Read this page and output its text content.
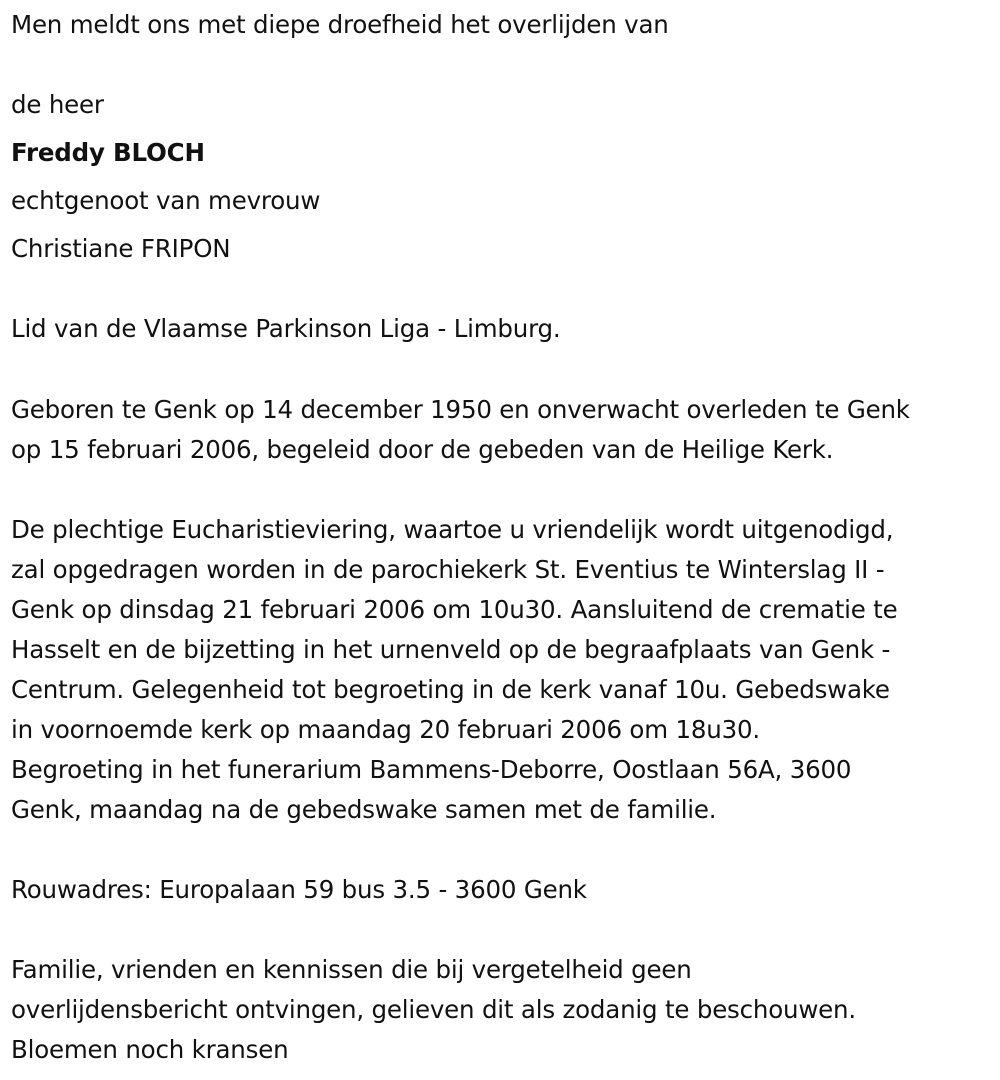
Men meldt ons met diepe droefheid het overlijden van
de heer
Freddy BLOCH
echtgenoot van mevrouw
Christiane FRIPON
Lid van de Vlaamse Parkinson Liga - Limburg.
Geboren te Genk op 14 december 1950 en onverwacht overleden te Genk
op 15 februari 2006, begeleid door de gebeden van de Heilige Kerk.
De plechtige Eucharistieviering, waartoe u vriendelijk wordt uitgenodigd,
zal opgedragen worden in de parochiekerk St. Eventius te Winterslag II -
Genk op dinsdag 21 februari 2006 om 10u30. Aansluitend de crematie te
Hasselt en de bijzetting in het urnenveld op de begraafplaats van Genk -
Centrum. Gelegenheid tot begroeting in de kerk vanaf 10u. Gebedswake
in voornoemde kerk op maandag 20 februari 2006 om 18u30.
Begroeting in het funerarium Bammens-Deborre, Oostlaan 56A, 3600
Genk, maandag na de gebedswake samen met de familie.
Rouwadres: Europalaan 59 bus 3.5 - 3600 Genk
Familie, vrienden en kennissen die bij vergetelheid geen
overlijdensbericht ontvingen, gelieven dit als zodanig te beschouwen.
Bloemen noch kransen
